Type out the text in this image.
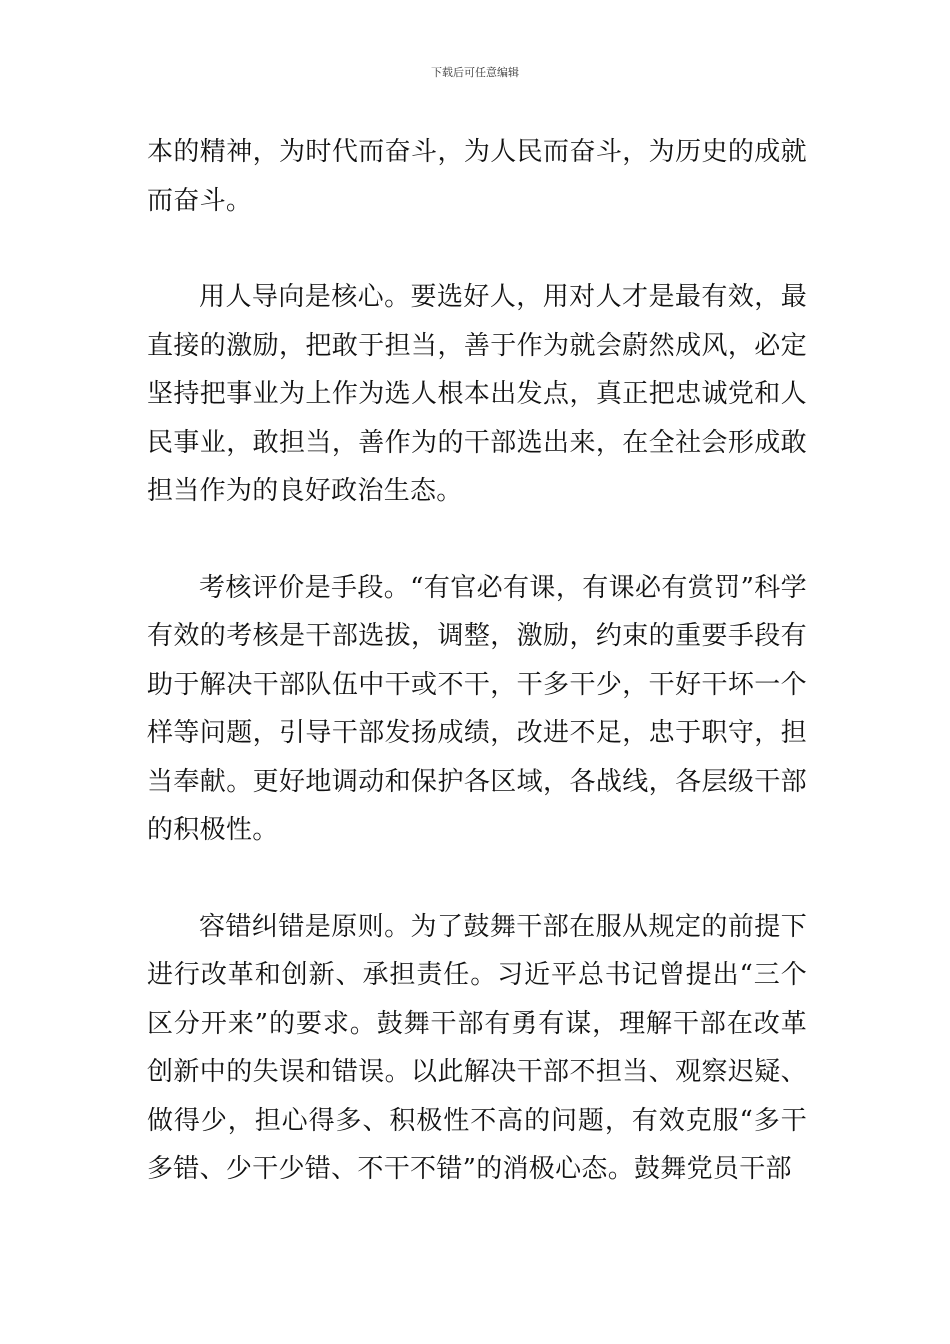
下载后可任意编辑

本的精神，为时代而奋斗，为人民而奋斗，为历史的成就而奋斗。

用人导向是核心。要选好人，用对人才是最有效，最直接的激励，把敢于担当，善于作为就会蔚然成风，必定坚持把事业为上作为选人根本出发点，真正把忠诚党和人民事业，敢担当，善作为的干部选出来，在全社会形成敢担当作为的良好政治生态。

考核评价是手段。“有官必有课，有课必有赏罚”科学有效的考核是干部选拔，调整，激励，约束的重要手段有助于解决干部队伍中干或不干，干多干少，干好干坏一个样等问题，引导干部发扬成绩，改进不足，忠于职守，担当奉献。更好地调动和保护各区域，各战线，各层级干部的积极性。

容错纠错是原则。为了鼓舞干部在服从规定的前提下进行改革和创新、承担责任。习近平总书记曾提出“三个区分开来”的要求。鼓舞干部有勇有谋，理解干部在改革创新中的失误和错误。以此解决干部不担当、观察迟疑、做得少，担心得多、积极性不高的问题，有效克服“多干多错、少干少错、不干不错”的消极心态。鼓舞党员干部
